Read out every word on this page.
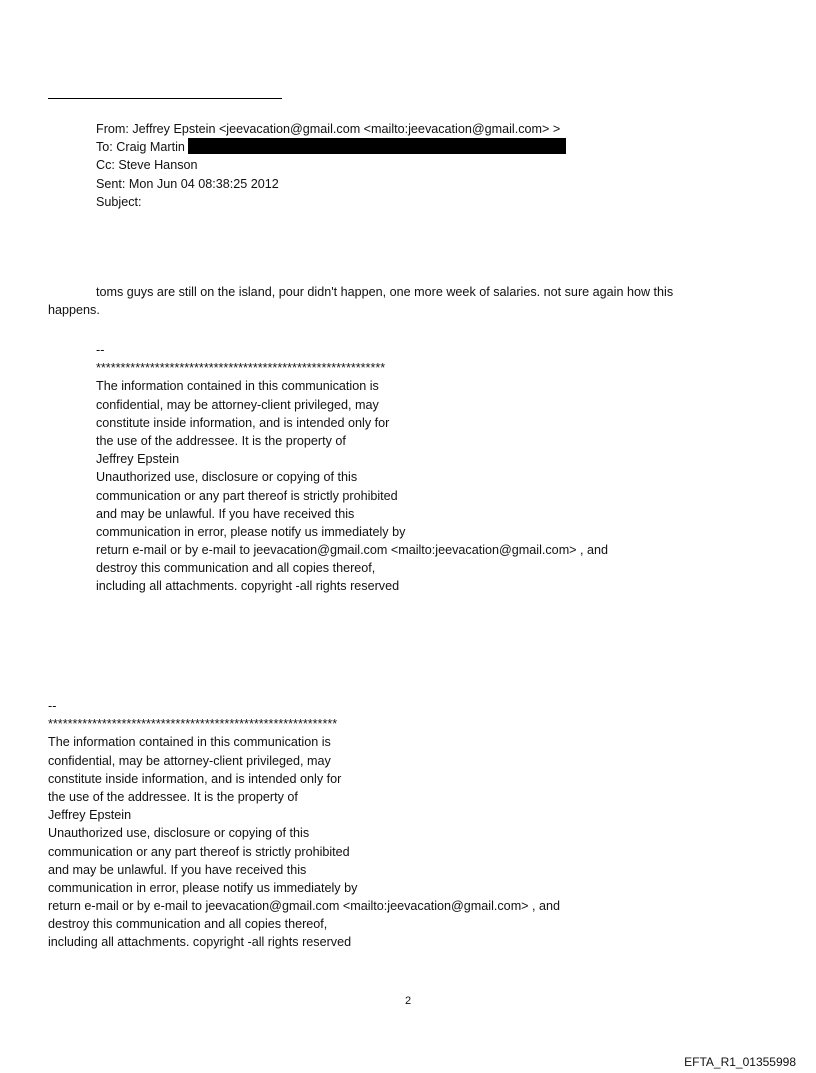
From: Jeffrey Epstein <jeevacation@gmail.com <mailto:jeevacation@gmail.com> >
To: Craig Martin
Cc: Steve Hanson
Sent: Mon Jun 04 08:38:25 2012
Subject:
toms guys are still on the island, pour didn't happen, one more week of salaries. not sure again how this
happens.
--
***********************************************************
The information contained in this communication is
confidential, may be attorney-client privileged, may
constitute inside information, and is intended only for
the use of the addressee. It is the property of
Jeffrey Epstein
Unauthorized use, disclosure or copying of this
communication or any part thereof is strictly prohibited
and may be unlawful. If you have received this
communication in error, please notify us immediately by
return e-mail or by e-mail to jeevacation@gmail.com <mailto:jeevacation@gmail.com> , and
destroy this communication and all copies thereof,
including all attachments. copyright -all rights reserved
--
***********************************************************
The information contained in this communication is
confidential, may be attorney-client privileged, may
constitute inside information, and is intended only for
the use of the addressee. It is the property of
Jeffrey Epstein
Unauthorized use, disclosure or copying of this
communication or any part thereof is strictly prohibited
and may be unlawful. If you have received this
communication in error, please notify us immediately by
return e-mail or by e-mail to jeevacation@gmail.com <mailto:jeevacation@gmail.com> , and
destroy this communication and all copies thereof,
including all attachments. copyright -all rights reserved
2
EFTA_R1_01355998
